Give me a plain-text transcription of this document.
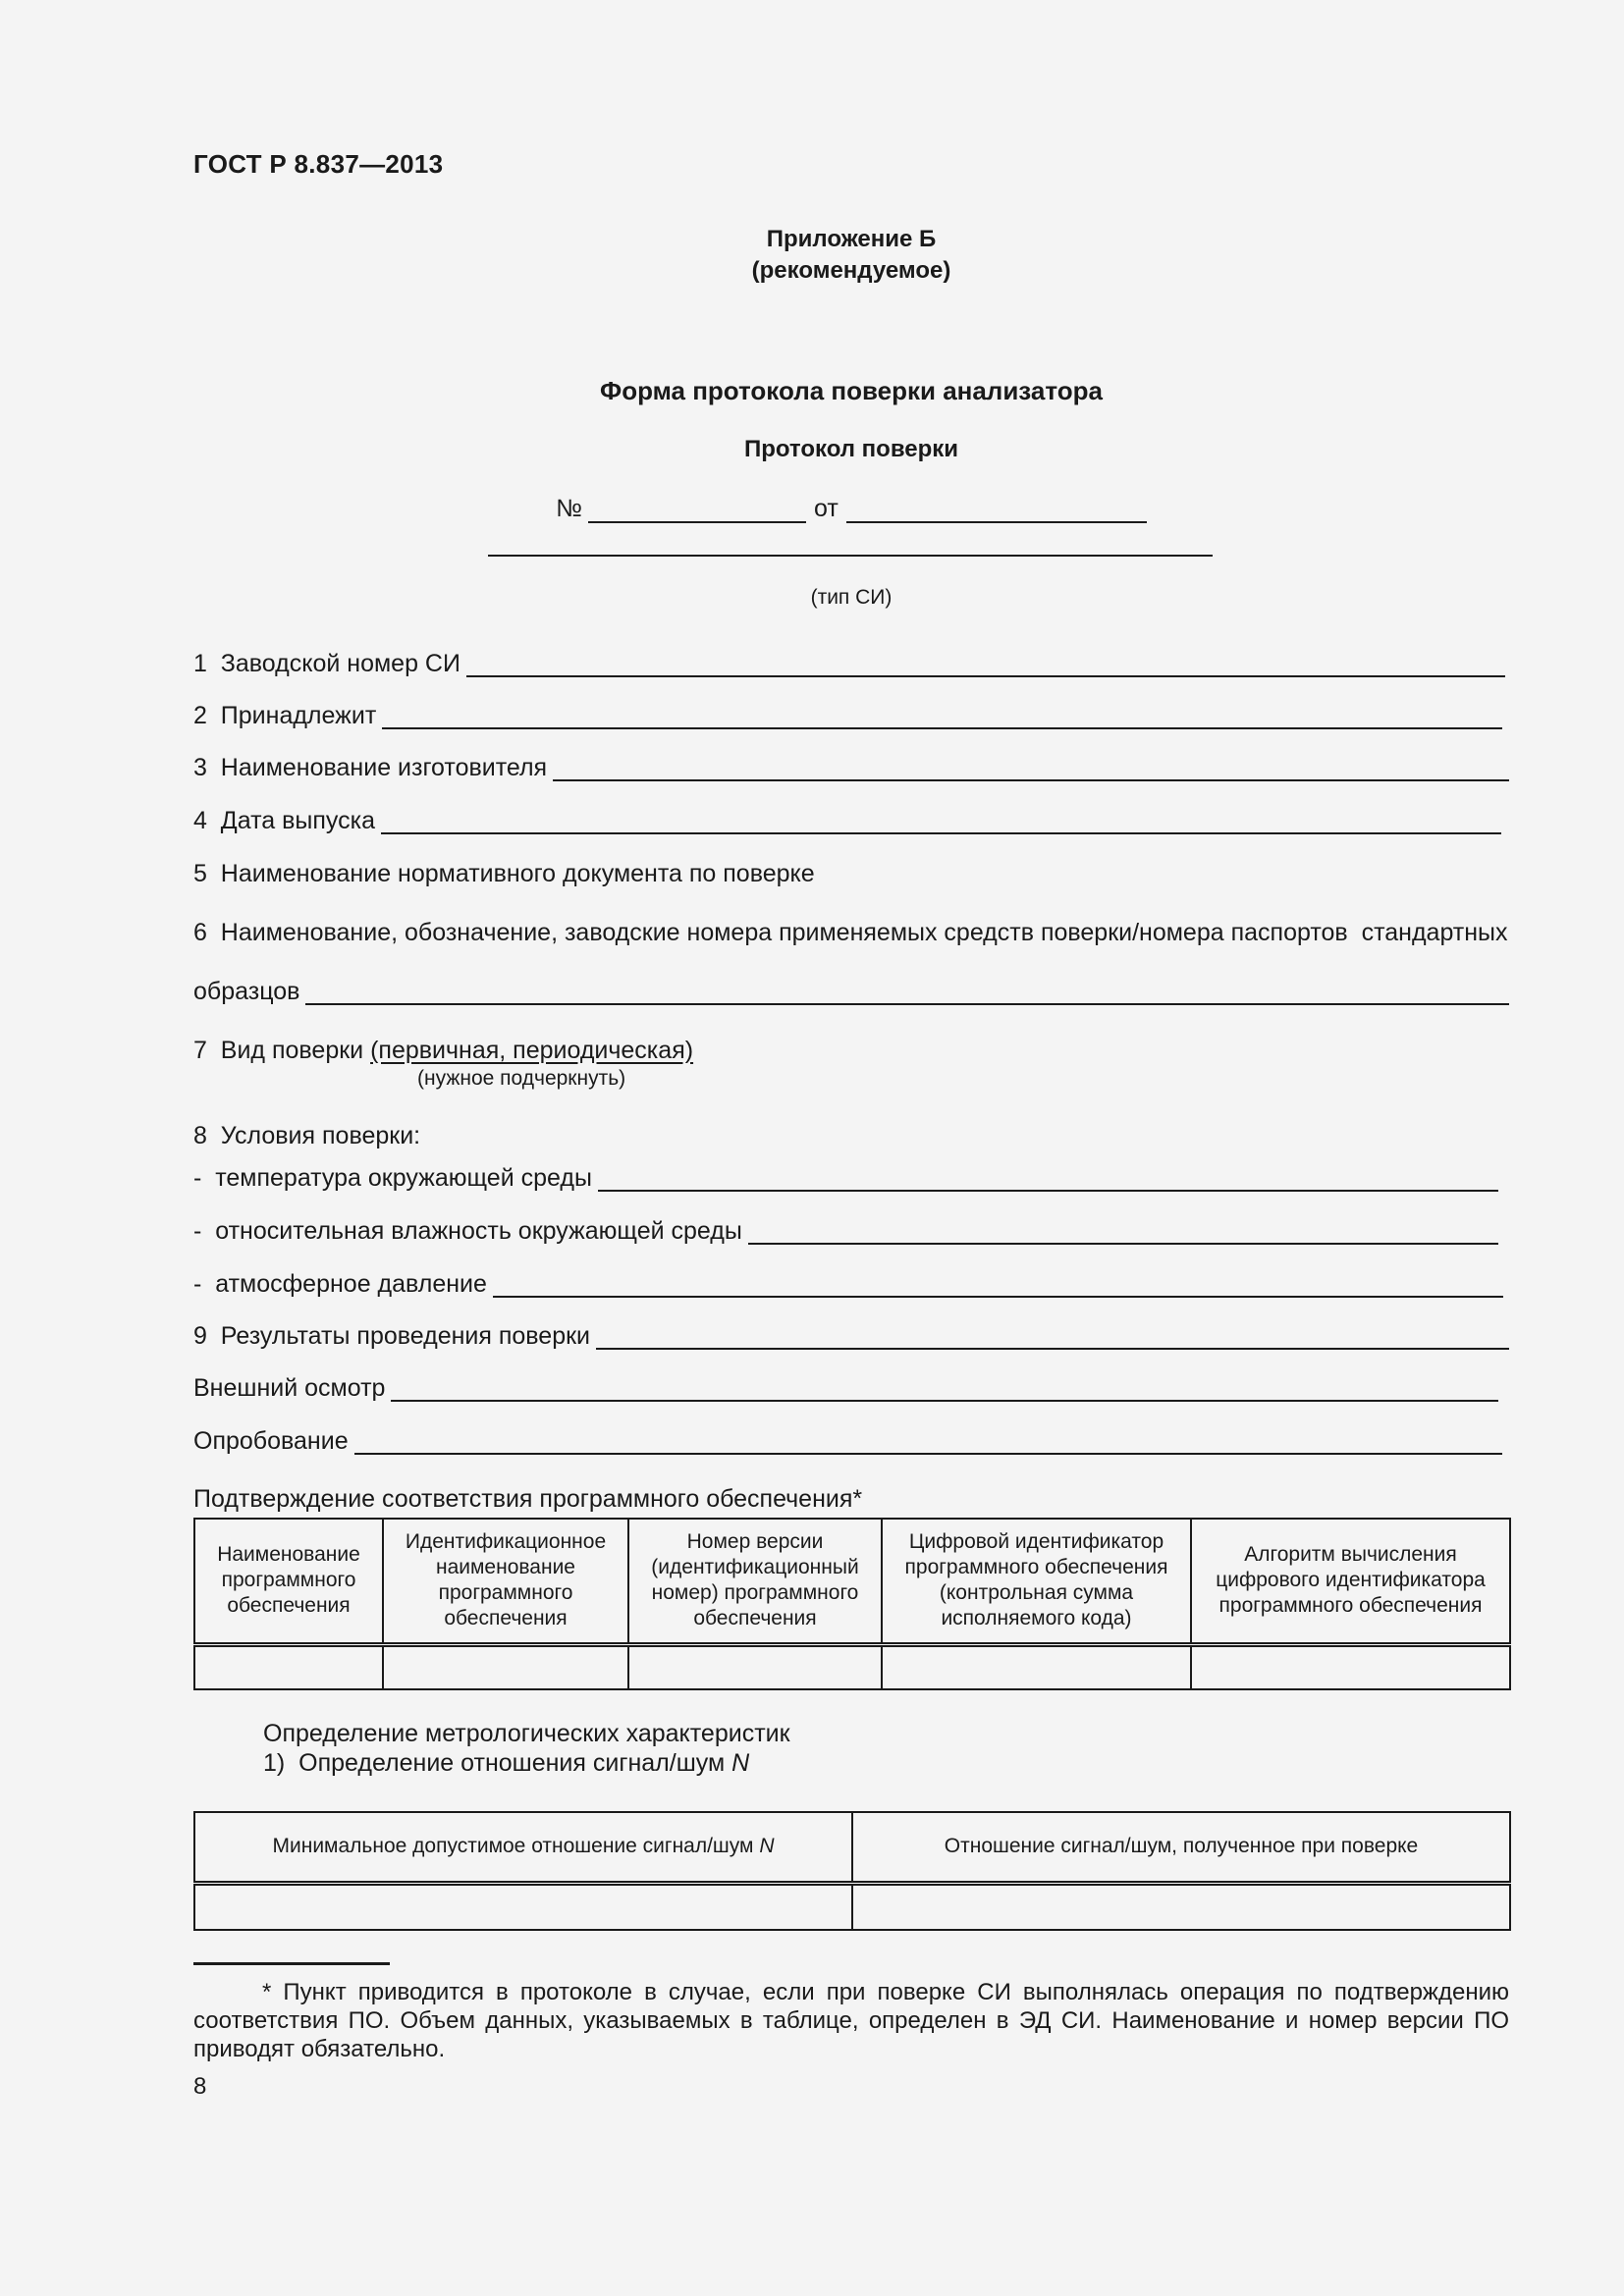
ГОСТ Р 8.837—2013
Приложение Б
(рекомендуемое)
Форма протокола поверки анализатора
Протокол поверки
№	от
(тип СИ)
1  Заводской номер СИ
2  Принадлежит
3  Наименование изготовителя
4  Дата выпуска
5  Наименование нормативного документа по поверке
6  Наименование, обозначение, заводские номера применяемых средств поверки/номера паспортов  стандартных
образцов
7  Вид поверки (первичная, периодическая)
(нужное подчеркнуть)
8  Условия поверки:
-  температура окружающей среды
-  относительная влажность окружающей среды
-  атмосферное давление
9  Результаты проведения поверки
Внешний осмотр
Опробование
Подтверждение соответствия программного обеспечения*
Наименование программного обеспечения	Идентификационное наименование программного обеспечения	Номер версии (идентификационный номер) программного обеспечения	Цифровой идентификатор программного обеспечения (контрольная сумма исполняемого кода)	Алгоритм вычисления цифрового идентификатора программного обеспечения

Определение метрологических характеристик
1)  Определение отношения сигнал/шум N
Минимальное допустимое отношение сигнал/шум N	Отношение сигнал/шум, полученное при поверке

* Пункт приводится в протоколе в случае, если при поверке СИ выполнялась операция по подтверждению соответствия ПО. Объем данных, указываемых в таблице, определен в ЭД СИ. Наименование и номер версии ПО приводят обязательно.
8
